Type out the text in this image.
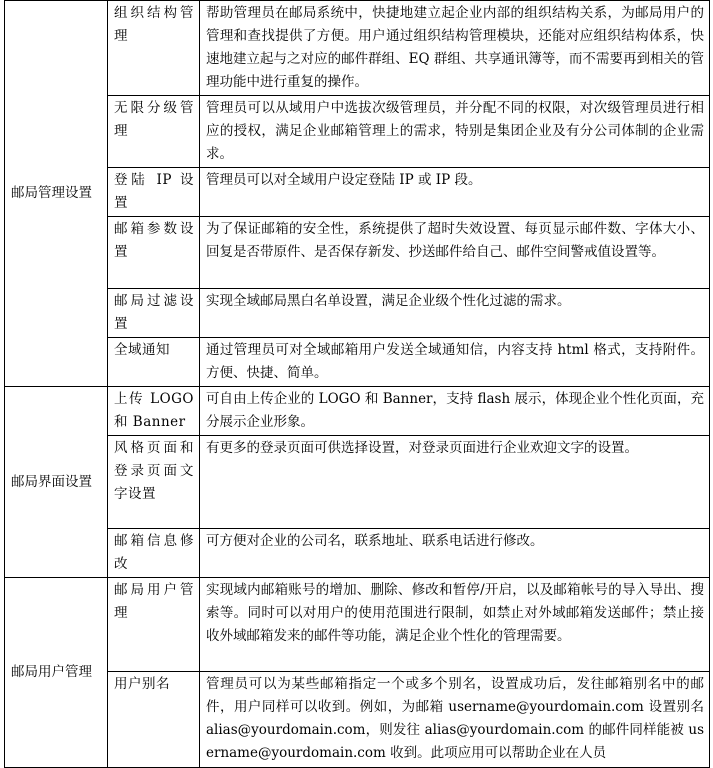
邮局管理设置	组织结构管理	帮助管理员在邮局系统中，快捷地建立起企业内部的组织结构关系，为邮局用户的管理和查找提供了方便。用户通过组织结构管理模块，还能对应组织结构体系，快速地建立起与之对应的邮件群组、EQ 群组、共享通讯簿等，而不需要再到相关的管理功能中进行重复的操作。
	无限分级管理	管理员可以从域用户中选拔次级管理员，并分配不同的权限，对次级管理员进行相应的授权，满足企业邮箱管理上的需求，特别是集团企业及有分公司体制的企业需求。
	登陆 IP 设置	管理员可以对全域用户设定登陆 IP 或 IP 段。
	邮箱参数设置	为了保证邮箱的安全性，系统提供了超时失效设置、每页显示邮件数、字体大小、回复是否带原件、是否保存新发、抄送邮件给自己、邮件空间警戒值设置等。
	邮局过滤设置	实现全域邮局黑白名单设置，满足企业级个性化过滤的需求。
	全域通知	通过管理员可对全域邮箱用户发送全域通知信，内容支持 html 格式，支持附件。方便、快捷、简单。
邮局界面设置	上传 LOGO 和 Banner	可自由上传企业的 LOGO 和 Banner，支持 flash 展示，体现企业个性化页面，充分展示企业形象。
	风格页面和登录页面文字设置	有更多的登录页面可供选择设置，对登录页面进行企业欢迎文字的设置。
	邮箱信息修改	可方便对企业的公司名，联系地址、联系电话进行修改。
邮局用户管理	邮局用户管理	实现域内邮箱账号的增加、删除、修改和暂停/开启，以及邮箱帐号的导入导出、搜索等。同时可以对用户的使用范围进行限制，如禁止对外域邮箱发送邮件；禁止接收外域邮箱发来的邮件等功能，满足企业个性化的管理需要。
	用户别名	管理员可以为某些邮箱指定一个或多个别名，设置成功后，发往邮箱别名中的邮件，用户同样可以收到。例如，为邮箱 username@yourdomain.com 设置别名 alias@yourdomain.com，则发往 alias@yourdomain.com 的邮件同样能被 username@yourdomain.com 收到。此项应用可以帮助企业在人员
